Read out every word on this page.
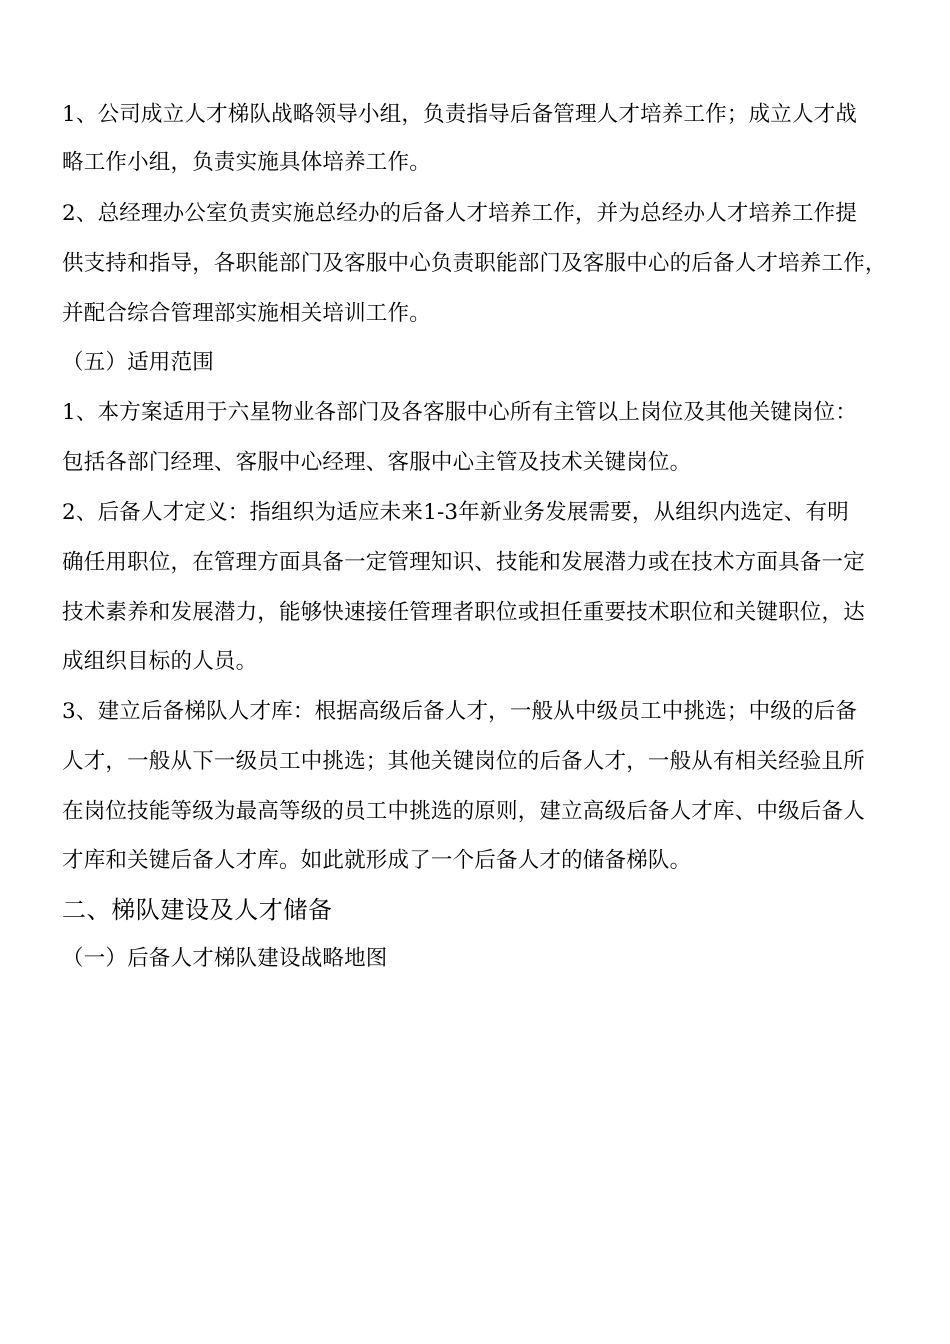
1、公司成立人才梯队战略领导小组，负责指导后备管理人才培养工作；成立人才战
略工作小组，负责实施具体培养工作。
2、总经理办公室负责实施总经办的后备人才培养工作，并为总经办人才培养工作提
供支持和指导，各职能部门及客服中心负责职能部门及客服中心的后备人才培养工作，
并配合综合管理部实施相关培训工作。
（五）适用范围
1、本方案适用于六星物业各部门及各客服中心所有主管以上岗位及其他关键岗位：
包括各部门经理、客服中心经理、客服中心主管及技术关键岗位。
2、后备人才定义：指组织为适应未来1-3年新业务发展需要，从组织内选定、有明
确任用职位，在管理方面具备一定管理知识、技能和发展潜力或在技术方面具备一定
技术素养和发展潜力，能够快速接任管理者职位或担任重要技术职位和关键职位，达
成组织目标的人员。
3、建立后备梯队人才库：根据高级后备人才，一般从中级员工中挑选；中级的后备
人才，一般从下一级员工中挑选；其他关键岗位的后备人才，一般从有相关经验且所
在岗位技能等级为最高等级的员工中挑选的原则，建立高级后备人才库、中级后备人
才库和关键后备人才库。如此就形成了一个后备人才的储备梯队。
二、梯队建设及人才储备
（一）后备人才梯队建设战略地图
